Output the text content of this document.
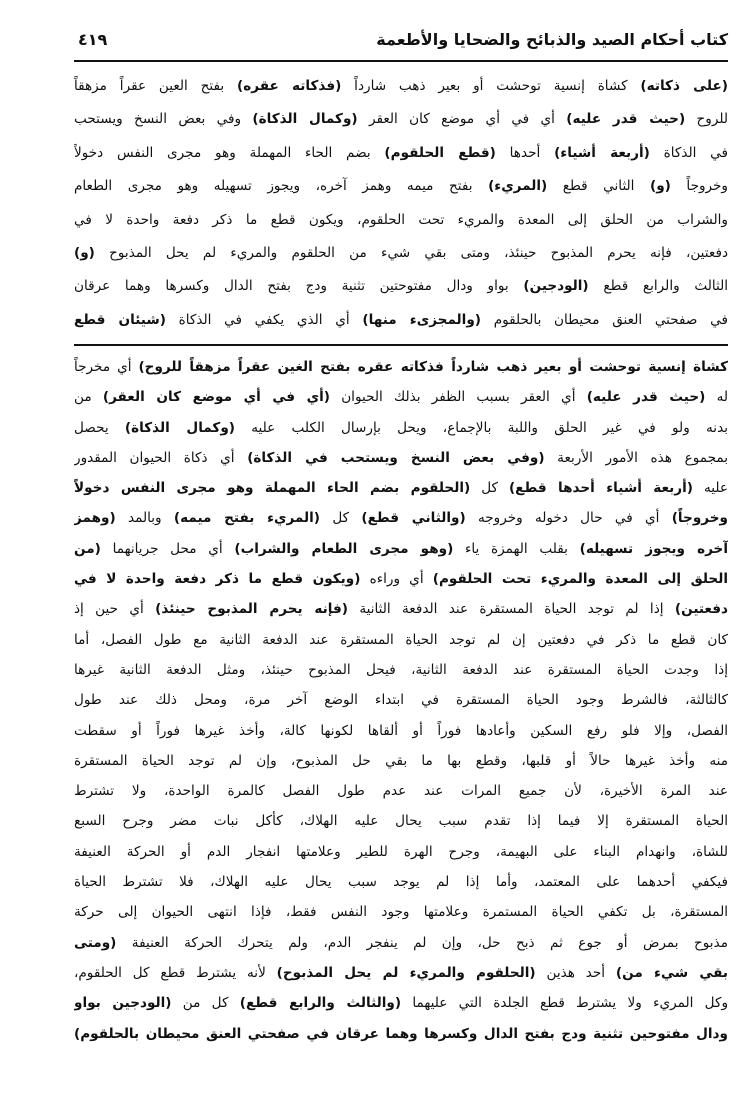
كتاب أحكام الصيد والذبائح والضحايا والأطعمة
٤١٩
(على ذكاته) كشاة إنسية توحشت أو بعير ذهب شارداً (فذكاته عقره) بفتح العين عقراً مزهقاً
للروح (حيث قدر عليه) أي في أي موضع كان العقر (وكمال الذكاة) وفي بعض النسخ ويستحب
في الذكاة (أربعة أشياء) أحدها (قطع الحلقوم) بضم الحاء المهملة وهو مجرى النفس دخولاً
وخروجاً (و) الثاني قطع (المريء) بفتح ميمه وهمز آخره، ويجوز تسهيله وهو مجرى الطعام
والشراب من الحلق إلى المعدة والمريء تحت الحلقوم، ويكون قطع ما ذكر دفعة واحدة لا في
دفعتين، فإنه يحرم المذبوح حينئذ، ومتى بقي شيء من الحلقوم والمريء لم يحل المذبوح (و)
الثالث والرابع قطع (الودجين) بواو ودال مفتوحتين تثنية ودج بفتح الدال وكسرها وهما عرقان
في صفحتي العنق محيطان بالحلقوم (والمجزىء منها) أي الذي يكفي في الذكاة (شيئان قطع
كشاة إنسية توحشت أو بعير ذهب شارداً فذكاته عقره بفتح الغين عقراً مزهقاً للروح) أي مخرجاً
له (حيث قدر عليه) أي العقر بسبب الظفر بذلك الحيوان (أي في أي موضع كان العقر) من
بدنه ولو في غير الحلق واللبة بالإجماع، ويحل بإرسال الكلب عليه (وكمال الذكاة) يحصل
بمجموع هذه الأمور الأربعة (وفي بعض النسخ ويستحب في الذكاة) أي ذكاة الحيوان المقدور
عليه (أربعة أشياء أحدها قطع) كل (الحلقوم بضم الحاء المهملة وهو مجرى النفس دخولاً
وخروجاً) أي في حال دخوله وخروجه (والثاني قطع) كل (المريء بفتح ميمه) وبالمد (وهمز
آخره ويجوز تسهيله) بقلب الهمزة ياء (وهو مجرى الطعام والشراب) أي محل جريانهما (من
الحلق إلى المعدة والمريء تحت الحلقوم) أي وراءه (ويكون قطع ما ذكر دفعة واحدة لا في
دفعتين) إذا لم توجد الحياة المستقرة عند الدفعة الثانية (فإنه يحرم المذبوح حينئذ) أي حين إذ
كان قطع ما ذكر في دفعتين إن لم توجد الحياة المستقرة عند الدفعة الثانية مع طول الفصل، أما
إذا وجدت الحياة المستقرة عند الدفعة الثانية، فيحل المذبوح حينئذ، ومثل الدفعة الثانية غيرها
كالثالثة، فالشرط وجود الحياة المستقرة في ابتداء الوضع آخر مرة، ومحل ذلك عند طول
الفصل، وإلا فلو رفع السكين وأعادها فوراً أو ألقاها لكونها كالة، وأخذ غيرها فوراً أو سقطت
منه وأخذ غيرها حالاً أو قلبها، وقطع بها ما بقي حل المذبوح، وإن لم توجد الحياة المستقرة
عند المرة الأخيرة، لأن جميع المرات عند عدم طول الفصل كالمرة الواحدة، ولا تشترط
الحياة المستقرة إلا فيما إذا تقدم سبب يحال عليه الهلاك، كأكل نبات مضر وجرح السبع
للشاة، وانهدام البناء على البهيمة، وجرح الهرة للطير وعلامتها انفجار الدم أو الحركة العنيفة
فيكفي أحدهما على المعتمد، وأما إذا لم يوجد سبب يحال عليه الهلاك، فلا تشترط الحياة
المستقرة، بل تكفي الحياة المستمرة وعلامتها وجود النفس فقط، فإذا انتهى الحيوان إلى حركة
مذبوح بمرض أو جوع ثم ذبح حل، وإن لم ينفجر الدم، ولم يتحرك الحركة العنيفة (ومتى
بقي شيء من) أحد هذين (الحلقوم والمريء لم يحل المذبوح) لأنه يشترط قطع كل الحلقوم،
وكل المريء ولا يشترط قطع الجلدة التي عليهما (والثالث والرابع قطع) كل من (الودجين بواو
ودال مفتوحين تثنية ودج بفتح الدال وكسرها وهما عرقان في صفحتي العنق محيطان بالحلقوم)
